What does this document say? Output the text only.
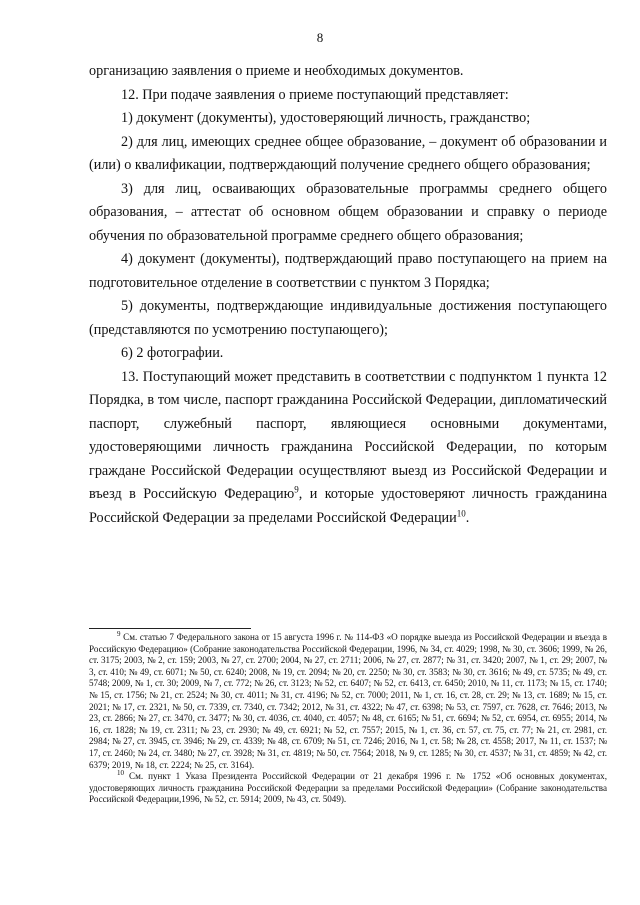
8

организацию заявления о приеме и необходимых документов.

12. При подаче заявления о приеме поступающий представляет:

1) документ (документы), удостоверяющий личность, гражданство;

2) для лиц, имеющих среднее общее образование, – документ об образовании и (или) о квалификации, подтверждающий получение среднего общего образования;

3) для лиц, осваивающих образовательные программы среднего общего образования, – аттестат об основном общем образовании и справку о периоде обучения по образовательной программе среднего общего образования;

4) документ (документы), подтверждающий право поступающего на прием на подготовительное отделение в соответствии с пунктом 3 Порядка;

5) документы, подтверждающие индивидуальные достижения поступающего (представляются по усмотрению поступающего);

6) 2 фотографии.

13. Поступающий может представить в соответствии с подпунктом 1 пункта 12 Порядка, в том числе, паспорт гражданина Российской Федерации, дипломатический паспорт, служебный паспорт, являющиеся основными документами, удостоверяющими личность гражданина Российской Федерации, по которым граждане Российской Федерации осуществляют выезд из Российской Федерации и въезд в Российскую Федерацию$^9$, и которые удостоверяют личность гражданина Российской Федерации за пределами Российской Федерации$^{10}$.

$^9$ См. статью 7 Федерального закона от 15 августа 1996 г. № 114-ФЗ «О порядке выезда из Российской Федерации и въезда в Российскую Федерацию» (Собрание законодательства Российской Федерации, 1996, № 34, ст. 4029; 1998, № 30, ст. 3606; 1999, № 26, ст. 3175; 2003, № 2, ст. 159; 2003, № 27, ст. 2700; 2004, № 27, ст. 2711; 2006, № 27, ст. 2877; № 31, ст. 3420; 2007, № 1, ст. 29; 2007, № 3, ст. 410; № 49, ст. 6071; № 50, ст. 6240; 2008, № 19, ст. 2094; № 20, ст. 2250; № 30, ст. 3583; № 30, ст. 3616; № 49, ст. 5735; № 49, ст. 5748; 2009, № 1, ст. 30; 2009, № 7, ст. 772; № 26, ст. 3123; № 52, ст. 6407; № 52, ст. 6413, ст. 6450; 2010, № 11, ст. 1173; № 15, ст. 1740; № 15, ст. 1756; № 21, ст. 2524; № 30, ст. 4011; № 31, ст. 4196; № 52, ст. 7000; 2011, № 1, ст. 16, ст. 28, ст. 29; № 13, ст. 1689; № 15, ст. 2021; № 17, ст. 2321, № 50, ст. 7339, ст. 7340, ст. 7342; 2012, № 31, ст. 4322; № 47, ст. 6398; № 53, ст. 7597, ст. 7628, ст. 7646; 2013, № 23, ст. 2866; № 27, ст. 3470, ст. 3477; № 30, ст. 4036, ст. 4040, ст. 4057; № 48, ст. 6165; № 51, ст. 6694; № 52, ст. 6954, ст. 6955; 2014, № 16, ст. 1828; № 19, ст. 2311; № 23, ст. 2930; № 49, ст. 6921; № 52, ст. 7557; 2015, № 1, ст. 36, ст. 57, ст. 75, ст. 77; № 21, ст. 2981, ст. 2984; № 27, ст. 3945, ст. 3946; № 29, ст. 4339; № 48, ст. 6709; № 51, ст. 7246; 2016, № 1, ст. 58; № 28, ст. 4558; 2017, № 11, ст. 1537; № 17, ст. 2460; № 24, ст. 3480; № 27, ст. 3928; № 31, ст. 4819; № 50, ст. 7564; 2018, № 9, ст. 1285; № 30, ст. 4537; № 31, ст. 4859; № 42, ст. 6379; 2019, № 18, ст. 2224; № 25, ст. 3164).

$^{10}$ См. пункт 1 Указа Президента Российской Федерации от 21 декабря 1996 г. № 1752 «Об основных документах, удостоверяющих личность гражданина Российской Федерации за пределами Российской Федерации» (Собрание законодательства Российской Федерации,1996, № 52, ст. 5914; 2009, № 43, ст. 5049).
